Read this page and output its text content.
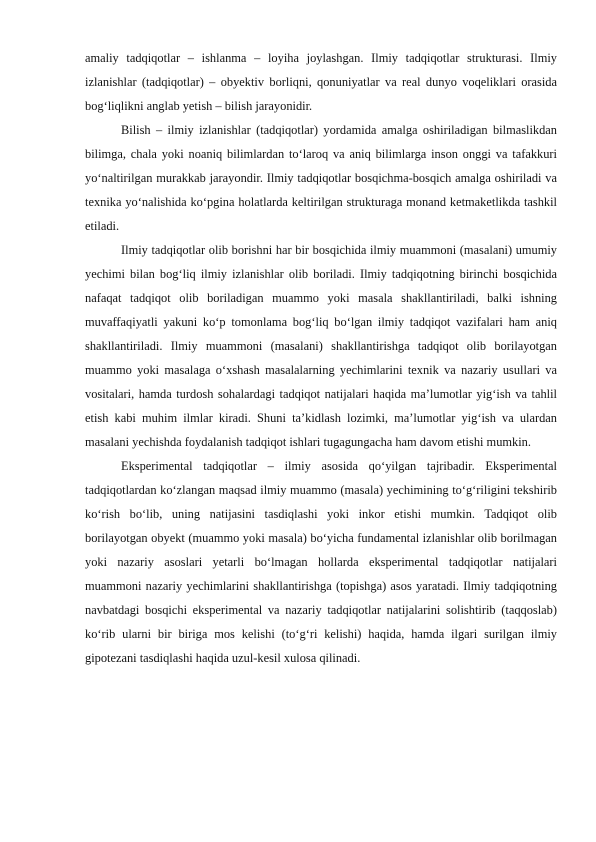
amaliy tadqiqotlar – ishlanma – loyiha joylashgan. Ilmiy tadqiqotlar strukturasi. Ilmiy izlanishlar (tadqiqotlar) – obyektiv borliqni, qonuniyatlar va real dunyo voqeliklari orasida bog‘liqlikni anglab yetish – bilish jarayonidir.

Bilish – ilmiy izlanishlar (tadqiqotlar) yordamida amalga oshiriladigan bilmaslikdan bilimga, chala yoki noaniq bilimlardan to‘laroq va aniq bilimlarga inson onggi va tafakkuri yo‘naltirilgan murakkab jarayondir. Ilmiy tadqiqotlar bosqichma-bosqich amalga oshiriladi va texnika yo‘nalishida ko‘pgina holatlarda keltirilgan strukturaga monand ketmaketlikda tashkil etiladi.

Ilmiy tadqiqotlar olib borishni har bir bosqichida ilmiy muammoni (masalani) umumiy yechimi bilan bog‘liq ilmiy izlanishlar olib boriladi. Ilmiy tadqiqotning birinchi bosqichida nafaqat tadqiqot olib boriladigan muammo yoki masala shakllantiriladi, balki ishning muvaffaqiyatli yakuni ko‘p tomonlama bog‘liq bo‘lgan ilmiy tadqiqot vazifalari ham aniq shakllantiriladi. Ilmiy muammoni (masalani) shakllantirishga tadqiqot olib borilayotgan muammo yoki masalaga o‘xshash masalalarning yechimlarini texnik va nazariy usullari va vositalari, hamda turdosh sohalardagi tadqiqot natijalari haqida ma’lumotlar yig‘ish va tahlil etish kabi muhim ilmlar kiradi. Shuni ta’kidlash lozimki, ma’lumotlar yig‘ish va ulardan masalani yechishda foydalanish tadqiqot ishlari tugagungacha ham davom etishi mumkin.

Eksperimental tadqiqotlar – ilmiy asosida qo‘yilgan tajribadir. Eksperimental tadqiqotlardan ko‘zlangan maqsad ilmiy muammo (masala) yechimining to‘g‘riligini tekshirib ko‘rish bo‘lib, uning natijasini tasdiqlashi yoki inkor etishi mumkin. Tadqiqot olib borilayotgan obyekt (muammo yoki masala) bo‘yicha fundamental izlanishlar olib borilmagan yoki nazariy asoslari yetarli bo‘lmagan hollarda eksperimental tadqiqotlar natijalari muammoni nazariy yechimlarini shakllantirishga (topishga) asos yaratadi. Ilmiy tadqiqotning navbatdagi bosqichi eksperimental va nazariy tadqiqotlar natijalarini solishtirib (taqqoslab) ko‘rib ularni bir biriga mos kelishi (to‘g‘ri kelishi) haqida, hamda ilgari surilgan ilmiy gipotezani tasdiqlashi haqida uzul-kesil xulosa qilinadi.
